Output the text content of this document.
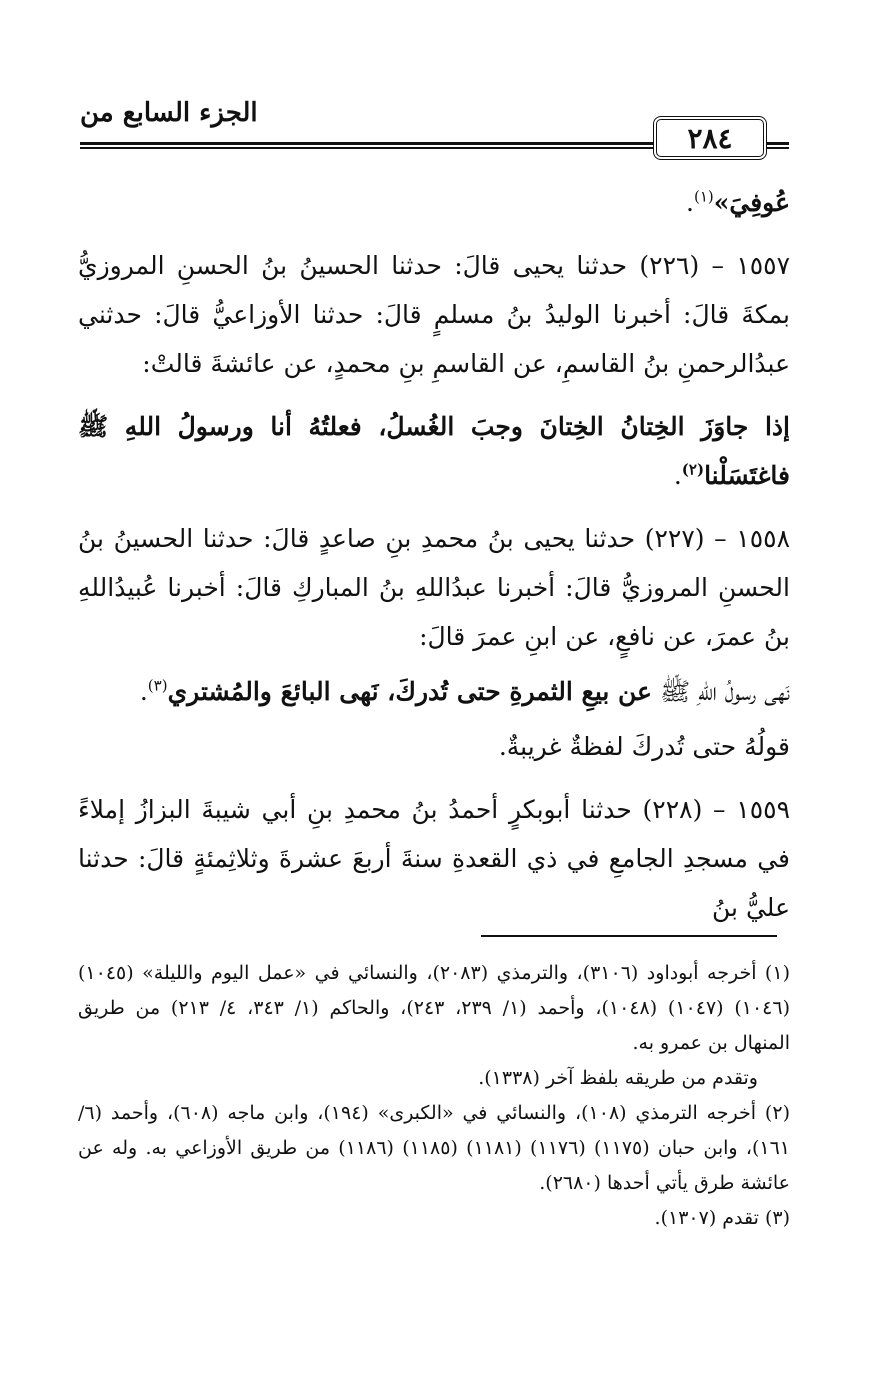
٢٨٤
الجزء السابع من

عُوفِيَ»$^{(١)}$.

١٥٥٧ – (٢٢٦) حدثنا يحيى قالَ: حدثنا الحسينُ بنُ الحسنِ المروزيُّ بمكةَ قالَ: أخبرنا الوليدُ بنُ مسلمٍ قالَ: حدثنا الأوزاعيُّ قالَ: حدثني عبدُالرحمنِ بنُ القاسمِ، عن القاسمِ بنِ محمدٍ، عن عائشةَ قالتْ:

إذا جاوَزَ الخِتانُ الخِتانَ وجبَ الغُسلُ، فعلتُهُ أنا ورسولُ اللهِ ﷺ فاغتَسَلْنا$^{(٢)}$.

١٥٥٨ – (٢٢٧) حدثنا يحيى بنُ محمدِ بنِ صاعدٍ قالَ: حدثنا الحسينُ بنُ الحسنِ المروزيُّ قالَ: أخبرنا عبدُاللهِ بنُ المباركِ قالَ: أخبرنا عُبيدُاللهِ بنُ عمرَ، عن نافعٍ، عن ابنِ عمرَ قالَ:

نَهى رسولُ اللهِ ﷺ عن بيعِ الثمرةِ حتى تُدركَ، نَهى البائعَ والمُشتري$^{(٣)}$.

قولُهُ حتى تُدركَ لفظةٌ غريبةٌ.

١٥٥٩ – (٢٢٨) حدثنا أبوبكرٍ أحمدُ بنُ محمدِ بنِ أبي شيبةَ البزازُ إملاءً في مسجدِ الجامعِ في ذي القعدةِ سنةَ أربعَ عشرةَ وثلاثِمئةٍ قالَ: حدثنا عليُّ بنُ

(١) أخرجه أبوداود (٣١٠٦)، والترمذي (٢٠٨٣)، والنسائي في «عمل اليوم والليلة» (١٠٤٥) (١٠٤٦) (١٠٤٧) (١٠٤٨)، وأحمد (١/ ٢٣٩، ٢٤٣)، والحاكم (١/ ٣٤٣، ٤/ ٢١٣) من طريق المنهال بن عمرو به.

وتقدم من طريقه بلفظ آخر (١٣٣٨).

(٢) أخرجه الترمذي (١٠٨)، والنسائي في «الكبرى» (١٩٤)، وابن ماجه (٦٠٨)، وأحمد (٦/ ١٦١)، وابن حبان (١١٧٥) (١١٧٦) (١١٨١) (١١٨٥) (١١٨٦) من طريق الأوزاعي به. وله عن عائشة طرق يأتي أحدها (٢٦٨٠).

(٣) تقدم (١٣٠٧).
